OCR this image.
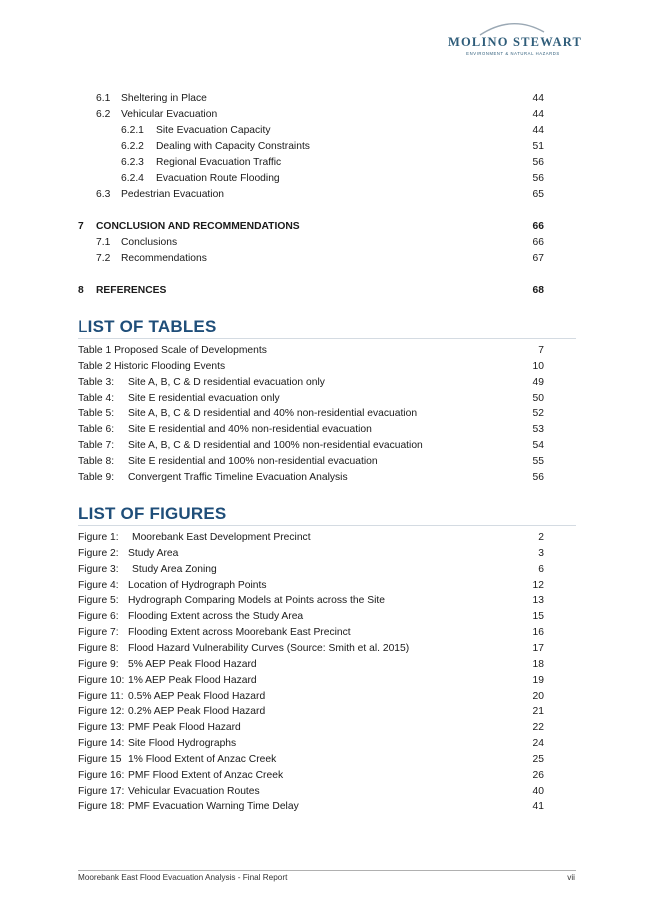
MOLINO STEWART
ENVIRONMENT & NATURAL HAZARDS
6.1 Sheltering in Place	44
6.2 Vehicular Evacuation	44
6.2.1 Site Evacuation Capacity	44
6.2.2 Dealing with Capacity Constraints	51
6.2.3 Regional Evacuation Traffic	56
6.2.4 Evacuation Route Flooding	56
6.3 Pedestrian Evacuation	65
7 CONCLUSION AND RECOMMENDATIONS	66
7.1 Conclusions	66
7.2 Recommendations	67
8 REFERENCES	68
LIST OF TABLES
Table 1 Proposed Scale of Developments	7
Table 2 Historic Flooding Events	10
Table 3: Site A, B, C & D residential evacuation only	49
Table 4: Site E residential evacuation only	50
Table 5: Site A, B, C & D residential and 40% non-residential evacuation	52
Table 6: Site E residential and 40% non-residential evacuation	53
Table 7: Site A, B, C & D residential and 100% non-residential evacuation	54
Table 8: Site E residential and 100% non-residential evacuation	55
Table 9: Convergent Traffic Timeline Evacuation Analysis	56
LIST OF FIGURES
Figure 1: Moorebank East Development Precinct	2
Figure 2: Study Area	3
Figure 3: Study Area Zoning	6
Figure 4: Location of Hydrograph Points	12
Figure 5: Hydrograph Comparing Models at Points across the Site	13
Figure 6: Flooding Extent across the Study Area	15
Figure 7: Flooding Extent across Moorebank East Precinct	16
Figure 8: Flood Hazard Vulnerability Curves (Source: Smith et al. 2015)	17
Figure 9: 5% AEP Peak Flood Hazard	18
Figure 10: 1% AEP Peak Flood Hazard	19
Figure 11: 0.5% AEP Peak Flood Hazard	20
Figure 12: 0.2% AEP Peak Flood Hazard	21
Figure 13: PMF Peak Flood Hazard	22
Figure 14: Site Flood Hydrographs	24
Figure 15 1% Flood Extent of Anzac Creek	25
Figure 16: PMF Flood Extent of Anzac Creek	26
Figure 17: Vehicular Evacuation Routes	40
Figure 18: PMF Evacuation Warning Time Delay	41
Moorebank East Flood Evacuation Analysis - Final Report	vii
